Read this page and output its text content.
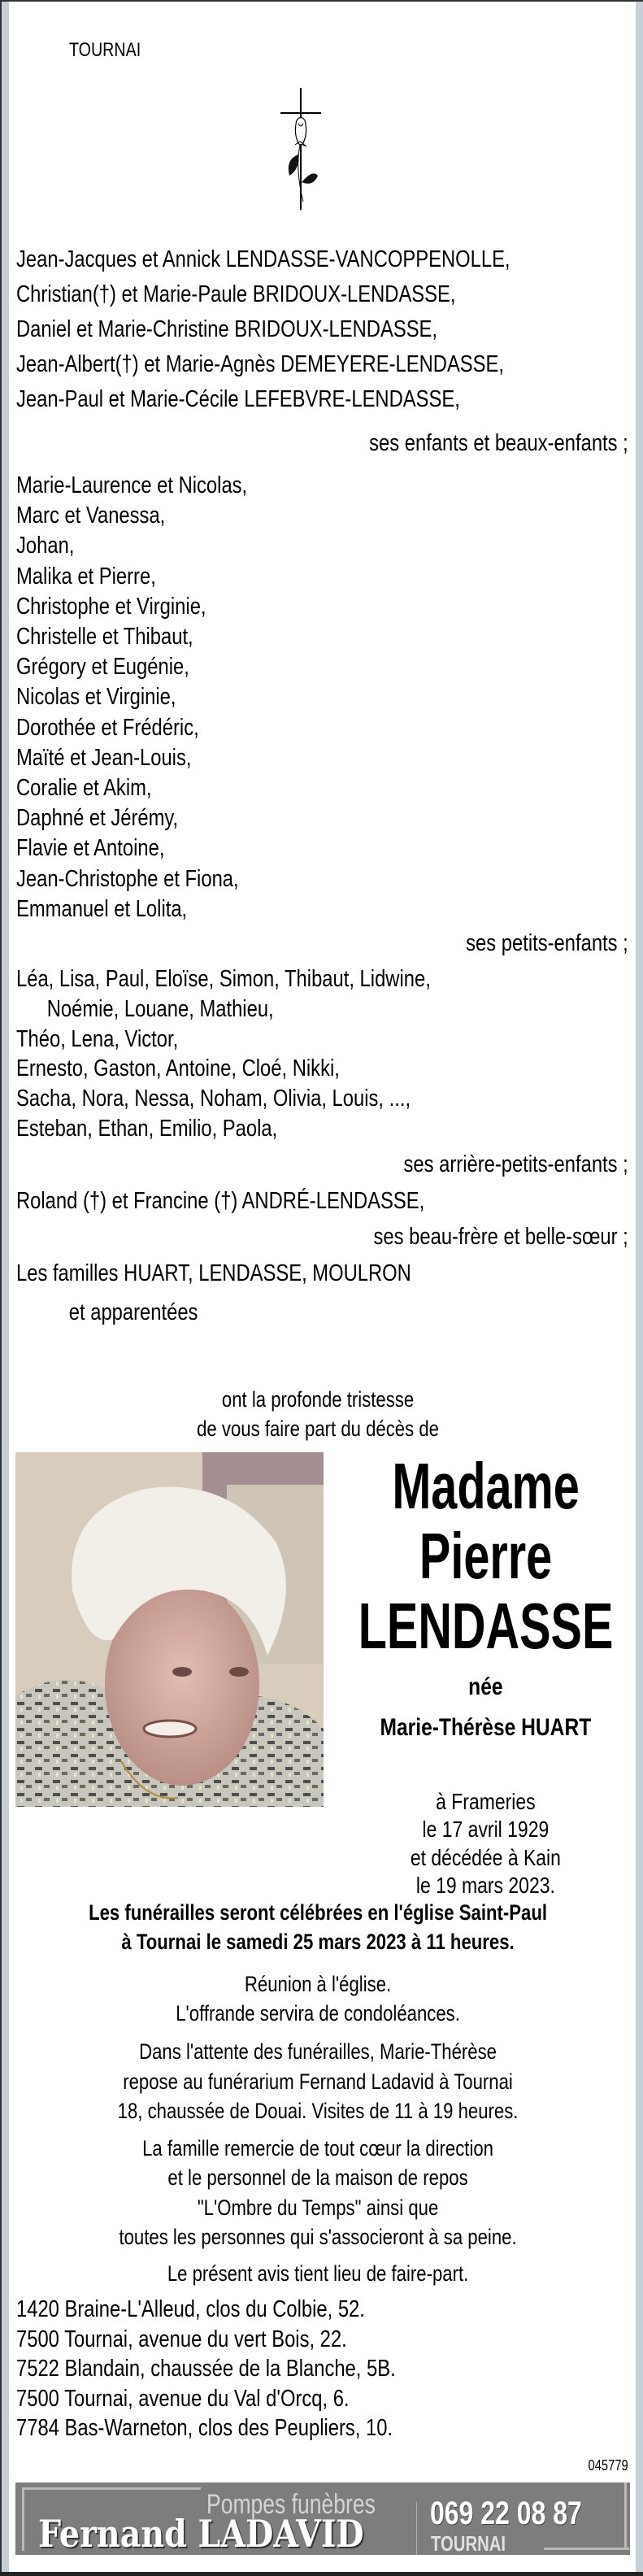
TOURNAI
Jean-Jacques et Annick LENDASSE-VANCOPPENOLLE,
Christian(†) et Marie-Paule BRIDOUX-LENDASSE,
Daniel et Marie-Christine BRIDOUX-LENDASSE,
Jean-Albert(†) et Marie-Agnès DEMEYERE-LENDASSE,
Jean-Paul et Marie-Cécile LEFEBVRE-LENDASSE,
ses enfants et beaux-enfants ;
Marie-Laurence et Nicolas,
Marc et Vanessa,
Johan,
Malika et Pierre,
Christophe et Virginie,
Christelle et Thibaut,
Grégory et Eugénie,
Nicolas et Virginie,
Dorothée et Frédéric,
Maïté et Jean-Louis,
Coralie et Akim,
Daphné et Jérémy,
Flavie et Antoine,
Jean-Christophe et Fiona,
Emmanuel et Lolita,
ses petits-enfants ;
Léa, Lisa, Paul, Eloïse, Simon, Thibaut, Lidwine,
Noémie, Louane, Mathieu,
Théo, Lena, Victor,
Ernesto, Gaston, Antoine, Cloé, Nikki,
Sacha, Nora, Nessa, Noham, Olivia, Louis, ...,
Esteban, Ethan, Emilio, Paola,
ses arrière-petits-enfants ;
Roland (†) et Francine (†) ANDRÉ-LENDASSE,
ses beau-frère et belle-sœur ;
Les familles HUART, LENDASSE, MOULRON
et apparentées
1420 Braine-L'Alleud, clos du Colbie, 52.
7500 Tournai, avenue du vert Bois, 22.
7522 Blandain, chaussée de la Blanche, 5B.
7500 Tournai, avenue du Val d'Orcq, 6.
7784 Bas-Warneton, clos des Peupliers, 10.
045779
ont la profonde tristesse
de vous faire part du décès de
Les funérailles seront célébrées en l'église Saint-Paul
à Tournai le samedi 25 mars 2023 à 11 heures.
Réunion à l'église.
L'offrande servira de condoléances.
Dans l'attente des funérailles, Marie-Thérèse
repose au funérarium Fernand Ladavid à Tournai
18, chaussée de Douai. Visites de 11 à 19 heures.
La famille remercie de tout cœur la direction
et le personnel de la maison de repos
"L'Ombre du Temps" ainsi que
toutes les personnes qui s'associeront à sa peine.
Le présent avis tient lieu de faire-part.
Madame
Pierre
LENDASSE
née
Marie-Thérèse HUART
à Frameries
le 17 avril 1929
et décédée à Kain
le 19 mars 2023.
Pompes funèbres
Fernand LADAVID 069 22 08 87
TOURNAI
